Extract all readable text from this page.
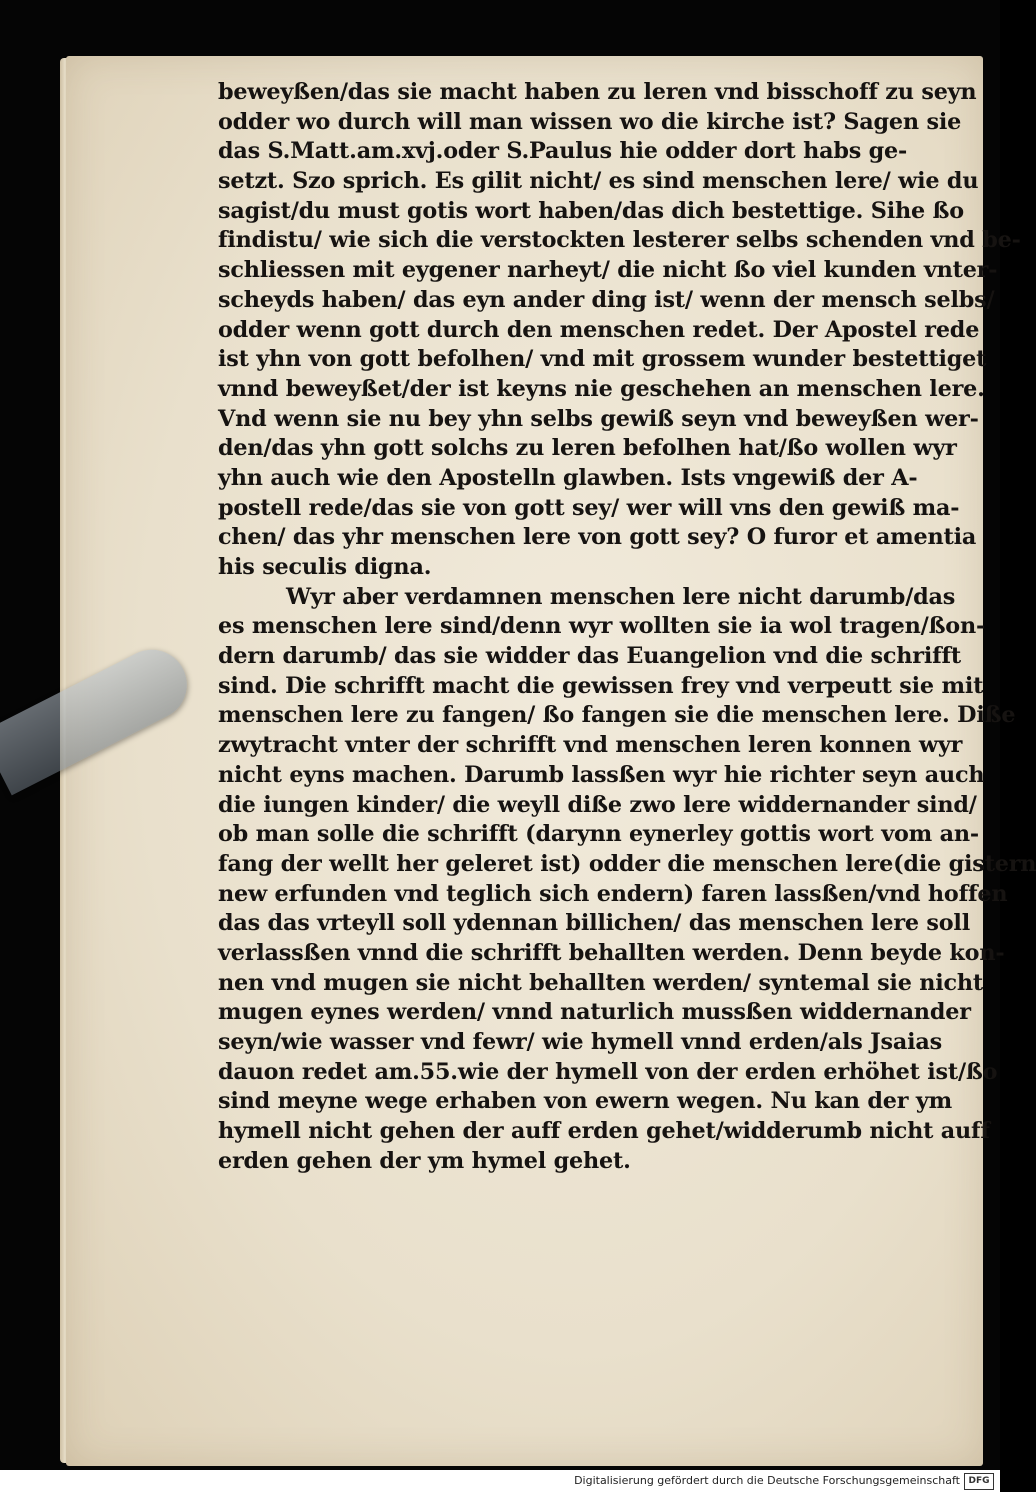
beweyßen/das sie macht haben zu leren vnd bisschoff zu seyn
odder wo durch will man wissen wo die kirche ist? Sagen sie
das S.Matt.am.xvj.oder S.Paulus hie odder dort habs ge-
setzt. Szo sprich. Es gilit nicht/ es sind menschen lere/ wie du
sagist/du must gotis wort haben/das dich bestettige. Sihe ßo
findistu/ wie sich die verstockten lesterer selbs schenden vnd be-
schliessen mit eygener narheyt/ die nicht ßo viel kunden vnter-
scheyds haben/ das eyn ander ding ist/ wenn der mensch selbs/
odder wenn gott durch den menschen redet. Der Apostel rede
ist yhn von gott befolhen/ vnd mit grossem wunder bestettiget
vnnd beweyßet/der ist keyns nie geschehen an menschen lere.
Vnd wenn sie nu bey yhn selbs gewiß seyn vnd beweyßen wer-
den/das yhn gott solchs zu leren befolhen hat/ßo wollen wyr
yhn auch wie den Apostelln glawben. Ists vngewiß der A-
postell rede/das sie von gott sey/ wer will vns den gewiß ma-
chen/ das yhr menschen lere von gott sey? O furor et amentia
his seculis digna.
Wyr aber verdamnen menschen lere nicht darumb/das
es menschen lere sind/denn wyr wollten sie ia wol tragen/ßon-
dern darumb/ das sie widder das Euangelion vnd die schrifft
sind. Die schrifft macht die gewissen frey vnd verpeutt sie mit
menschen lere zu fangen/ ßo fangen sie die menschen lere. Diße
zwytracht vnter der schrifft vnd menschen leren konnen wyr
nicht eyns machen. Darumb lassßen wyr hie richter seyn auch
die iungen kinder/ die weyll diße zwo lere widdernander sind/
ob man solle die schrifft (darynn eynerley gottis wort vom an-
fang der wellt her geleret ist) odder die menschen lere(die gistern
new erfunden vnd teglich sich endern) faren lassßen/vnd hoffen
das das vrteyll soll ydennan billichen/ das menschen lere soll
verlassßen vnnd die schrifft behallten werden. Denn beyde kon-
nen vnd mugen sie nicht behallten werden/ syntemal sie nicht
mugen eynes werden/ vnnd naturlich mussßen widdernander
seyn/wie wasser vnd fewr/ wie hymell vnnd erden/als Jsaias
dauon redet am.55.wie der hymell von der erden erhöhet ist/ßo
sind meyne wege erhaben von ewern wegen. Nu kan der ym
hymell nicht gehen der auff erden gehet/widderumb nicht auff
erden gehen der ym hymel gehet.
Digitalisierung gefördert durch die Deutsche Forschungsgemeinschaft DFG
